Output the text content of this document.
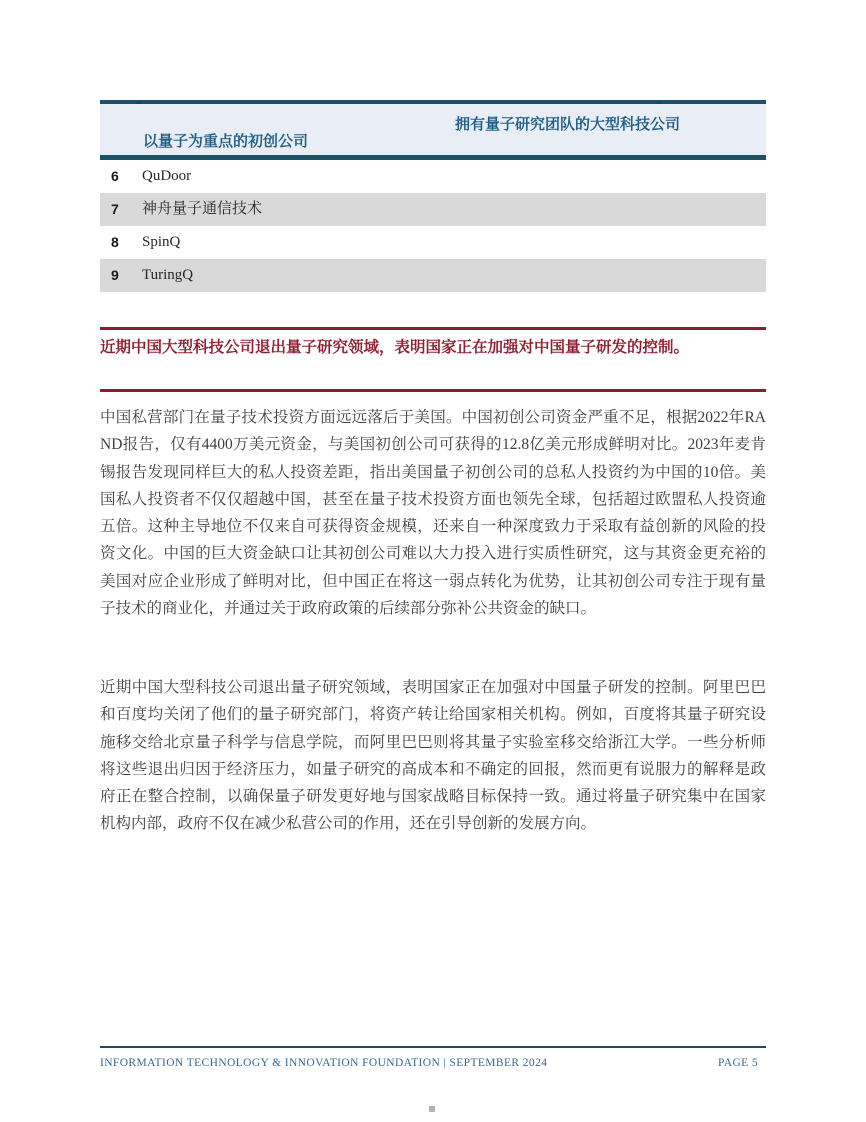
以量子为重点的初创公司
拥有量子研究团队的大型科技公司
6 QuDoor
7 神舟量子通信技术
8 SpinQ
9 TuringQ
近期中国大型科技公司退出量子研究领域，表明国家正在加强对中国量子研发的控制。

中国私营部门在量子技术投资方面远远落后于美国。中国初创公司资金严重不足，根据2022年RAND报告，仅有4400万美元资金，与美国初创公司可获得的12.8亿美元形成鲜明对比。2023年麦肯锡报告发现同样巨大的私人投资差距，指出美国量子初创公司的总私人投资约为中国的10倍。美国私人投资者不仅仅超越中国，甚至在量子技术投资方面也领先全球，包括超过欧盟私人投资逾五倍。这种主导地位不仅来自可获得资金规模，还来自一种深度致力于采取有益创新的风险的投资文化。中国的巨大资金缺口让其初创公司难以大力投入进行实质性研究，这与其资金更充裕的美国对应企业形成了鲜明对比，但中国正在将这一弱点转化为优势，让其初创公司专注于现有量子技术的商业化，并通过关于政府政策的后续部分弥补公共资金的缺口。

近期中国大型科技公司退出量子研究领域，表明国家正在加强对中国量子研发的控制。阿里巴巴和百度均关闭了他们的量子研究部门，将资产转让给国家相关机构。例如，百度将其量子研究设施移交给北京量子科学与信息学院，而阿里巴巴则将其量子实验室移交给浙江大学。一些分析师将这些退出归因于经济压力，如量子研究的高成本和不确定的回报，然而更有说服力的解释是政府正在整合控制，以确保量子研发更好地与国家战略目标保持一致。通过将量子研究集中在国家机构内部，政府不仅在减少私营公司的作用，还在引导创新的发展方向。

INFORMATION TECHNOLOGY & INNOVATION FOUNDATION | SEPTEMBER 2024	PAGE 5
